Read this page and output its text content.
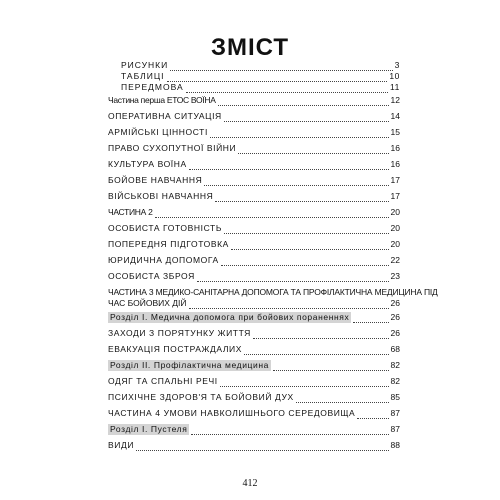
ЗМІСТ
РИСУНКИ	3
ТАБЛИЦІ	10
ПЕРЕДМОВА	11
Частина перша ЕТОС ВОЇНА	12
ОПЕРАТИВНА СИТУАЦІЯ	14
АРМІЙСЬКІ ЦІННОСТІ	15
ПРАВО СУХОПУТНОЇ ВІЙНИ	16
КУЛЬТУРА ВОЇНА	16
БОЙОВЕ НАВЧАННЯ	17
ВІЙСЬКОВІ НАВЧАННЯ	17
ЧАСТИНА 2	20
ОСОБИСТА ГОТОВНІСТЬ	20
ПОПЕРЕДНЯ ПІДГОТОВКА	20
ЮРИДИЧНА ДОПОМОГА	22
ОСОБИСТА ЗБРОЯ	23
ЧАСТИНА 3 МЕДИКО-САНІТАРНА ДОПОМОГА ТА ПРОФІЛАКТИЧНА МЕДИЦИНА ПІД
ЧАС БОЙОВИХ ДІЙ	26
Розділ І. Медична допомога при бойових пораненнях	26
ЗАХОДИ З ПОРЯТУНКУ ЖИТТЯ	26
ЕВАКУАЦІЯ ПОСТРАЖДАЛИХ	68
Розділ ІІ. Профілактична медицина	82
ОДЯГ ТА СПАЛЬНІ РЕЧІ	82
ПСИХІЧНЕ ЗДОРОВ'Я ТА БОЙОВИЙ ДУХ	85
ЧАСТИНА 4 УМОВИ НАВКОЛИШНЬОГО СЕРЕДОВИЩА	87
Розділ І. Пустеля	87
ВИДИ	88
412
